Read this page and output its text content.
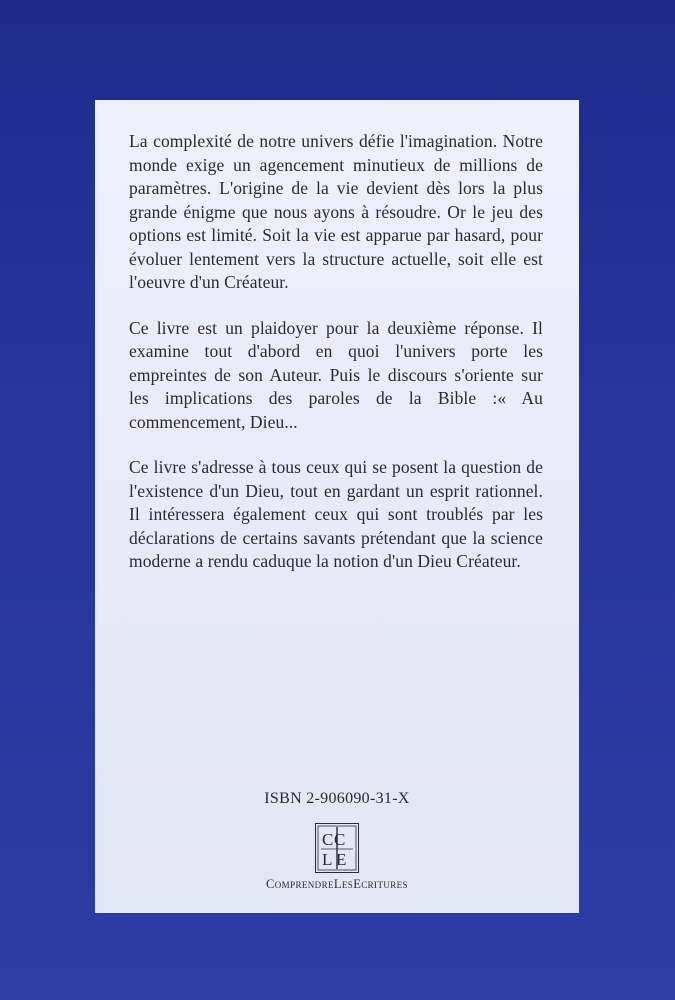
La complexité de notre univers défie l'imagination. Notre monde exige un agencement minutieux de millions de paramètres. L'origine de la vie devient dès lors la plus grande énigme que nous ayons à résoudre. Or le jeu des options est limité. Soit la vie est apparue par hasard, pour évoluer lentement vers la structure actuelle, soit elle est l'oeuvre d'un Créateur.

Ce livre est un plaidoyer pour la deuxième réponse. Il examine tout d'abord en quoi l'univers porte les empreintes de son Auteur. Puis le discours s'oriente sur les implications des paroles de la Bible :« Au commencement, Dieu...

Ce livre s'adresse à tous ceux qui se posent la question de l'existence d'un Dieu, tout en gardant un esprit rationnel. Il intéressera également ceux qui sont troublés par les déclarations de certains savants prétendant que la science moderne a rendu caduque la notion d'un Dieu Créateur.

ISBN 2-906090-31-X
C C
L E
ComprendreLesEcritures
